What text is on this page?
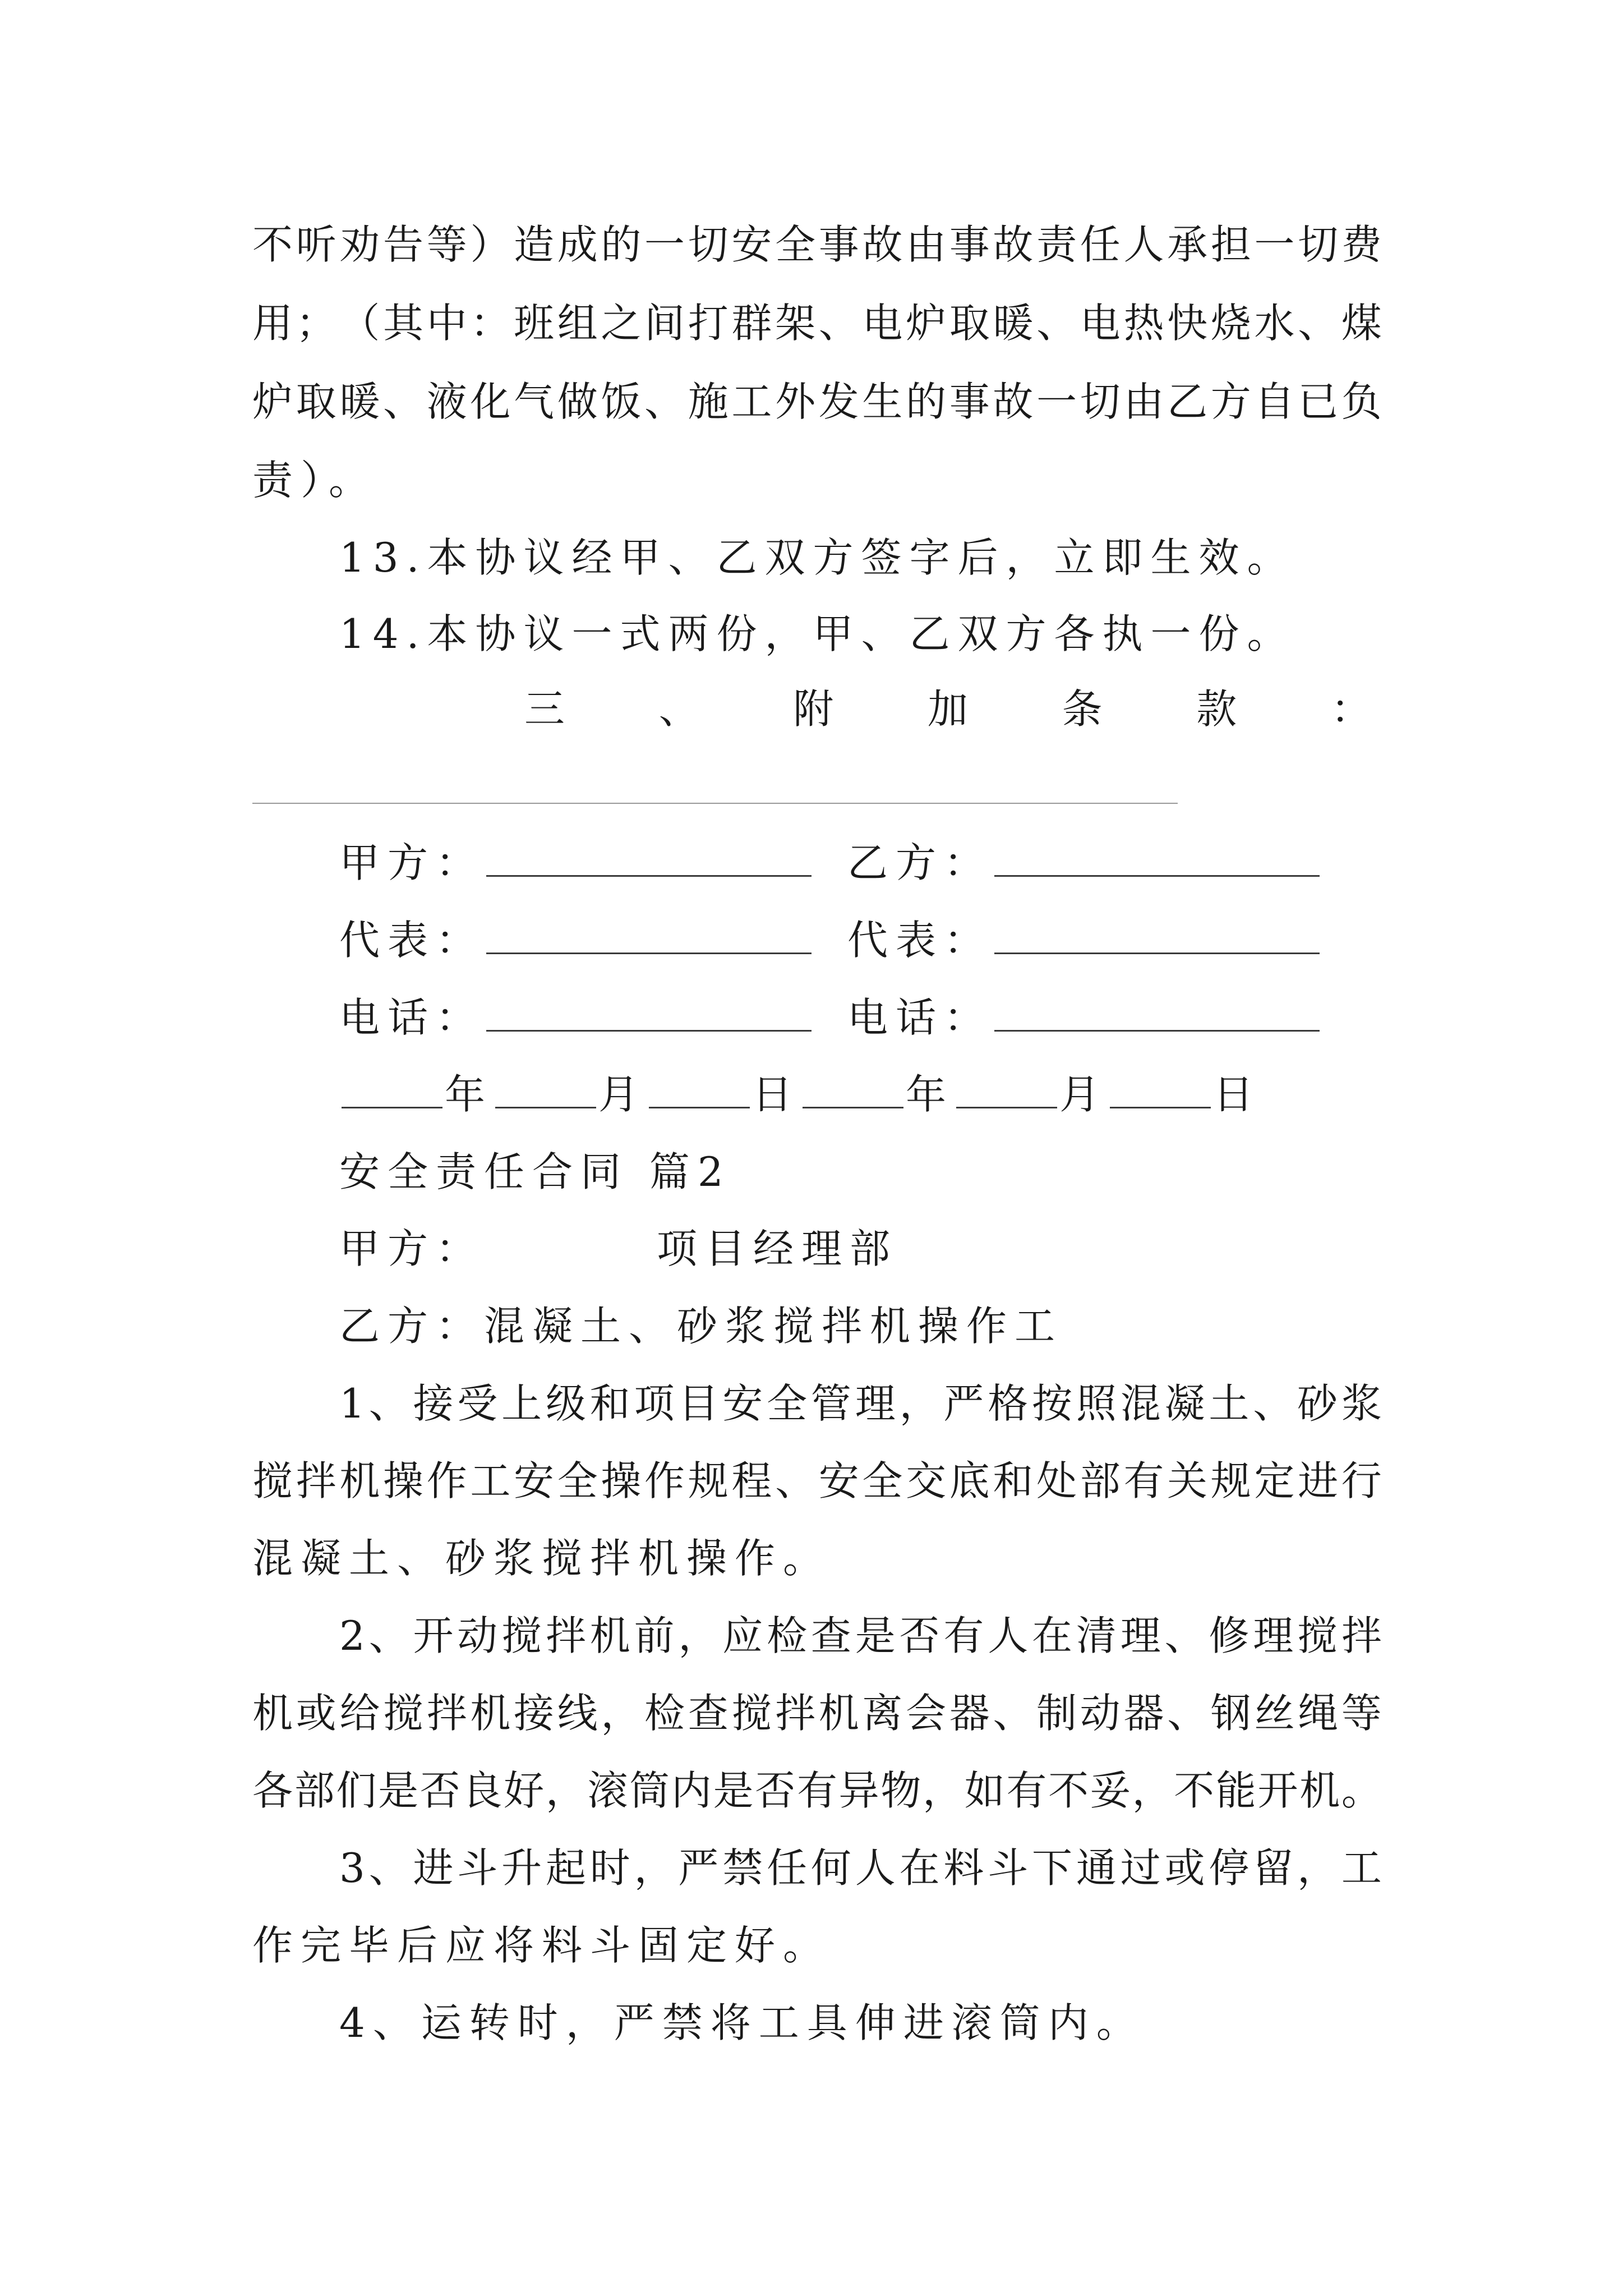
不 听 劝 告 等 ） 造 成 的 一 切 安 全 事 故 由 事 故 责 任 人 承 担 一 切 费
用 ； （ 其 中 ： 班 组 之 间 打 群 架 、 电 炉 取 暖 、 电 热 快 烧 水 、 煤
炉 取 暖 、 液 化 气 做 饭 、 施 工 外 发 生 的 事 故 一 切 由 乙 方 自 已 负
责）。
13.本协议经甲、乙双方签字后，立即生效。
14.本协议一式两份，甲、乙双方各执一份。
三 、 附 加 条 款 ：
甲方：	乙方：
代表：	代表：
电话：	电话：
年	月	日	年	月	日
安全责任合同 篇2
甲方：　　　　项目经理部
乙方：混凝土、砂浆搅拌机操作工
1 、 接 受 上 级 和 项 目 安 全 管 理 ， 严 格 按 照 混 凝 土 、 砂 浆
搅 拌 机 操 作 工 安 全 操 作 规 程 、 安 全 交 底 和 处 部 有 关 规 定 进 行
混凝土、砂浆搅拌机操作。
2 、 开 动 搅 拌 机 前 ， 应 检 查 是 否 有 人 在 清 理 、 修 理 搅 拌
机 或 给 搅 拌 机 接 线 ， 检 查 搅 拌 机 离 会 器 、 制 动 器 、 钢 丝 绳 等
各 部 们 是 否 良 好 ， 滚 筒 内 是 否 有 异 物 ， 如 有 不 妥 ， 不 能 开 机 。
3 、 进 斗 升 起 时 ， 严 禁 任 何 人 在 料 斗 下 通 过 或 停 留 ， 工
作完毕后应将料斗固定好。
4、运转时，严禁将工具伸进滚筒内。
